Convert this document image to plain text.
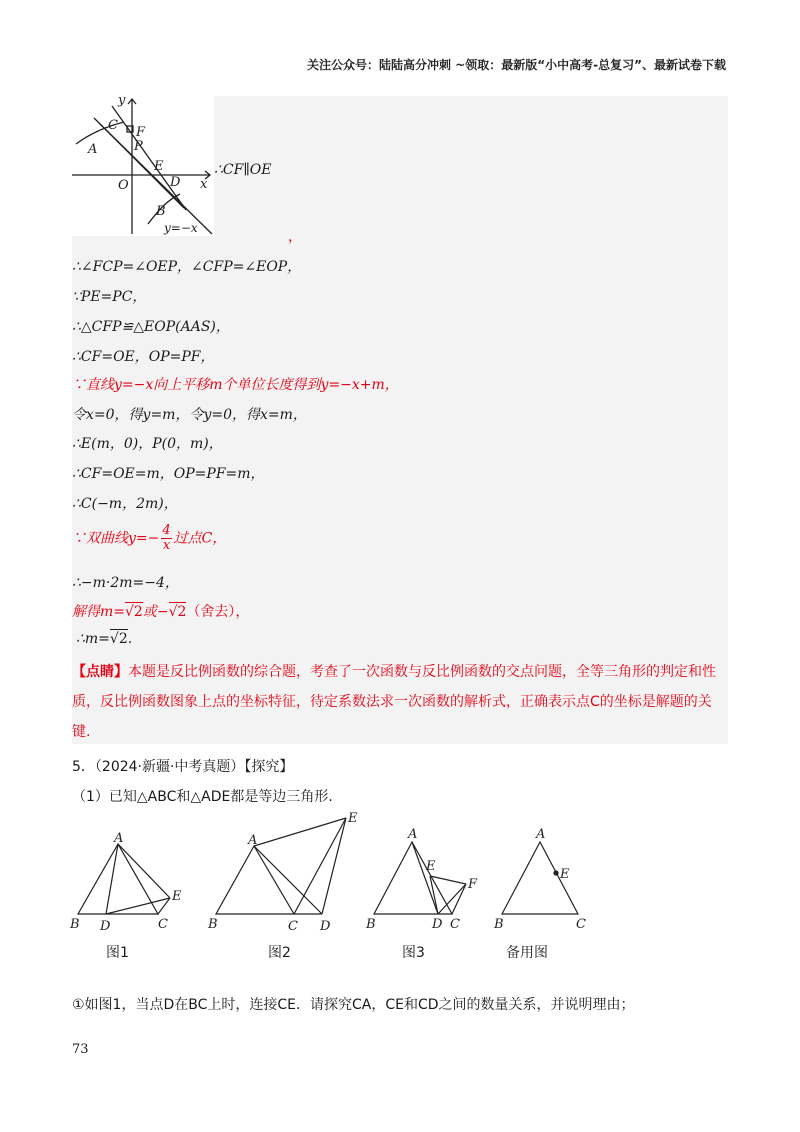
关注公众号：陆陆高分冲刺 ~领取：最新版“小中高考-总复习”、最新试卷下载
y
x
O
C F
P
A
E
D
B
y=−x
∴CF∥OE
，
∴∠FCP=∠OEP，∠CFP=∠EOP，
∵PE=PC，
∴△CFP≌△EOP(AAS)，
∴CF=OE，OP=PF，
∵直线y=−x向上平移m个单位长度得到y=−x+m，
令x=0，得y=m，令y=0，得x=m，
∴E(m，0)，P(0，m)，
∴CF=OE=m，OP=PF=m，
∴C(−m，2m)，
∵双曲线$y=- \frac{4}{x}$ 过点C，
∴−m·2m=−4，
解得m=√2或−√2（舍去），
∴m=√2.
【点睛】本题是反比例函数的综合题，考查了一次函数与反比例函数的交点问题，全等三角形的判定和性质，反比例函数图象上点的坐标特征，待定系数法求一次函数的解析式，正确表示点C的坐标是解题的关键.
5．（2024·新疆·中考真题）【探究】
（1）已知△ABC和△ADE都是等边三角形.
A
B	C
D
E
A
B	C D
E
A
B	C
D
E
F
A
B	C
E
图1	图2	图3	备用图
①如图1，当点D在BC上时，连接CE．请探究CA，CE和CD之间的数量关系，并说明理由；
73
